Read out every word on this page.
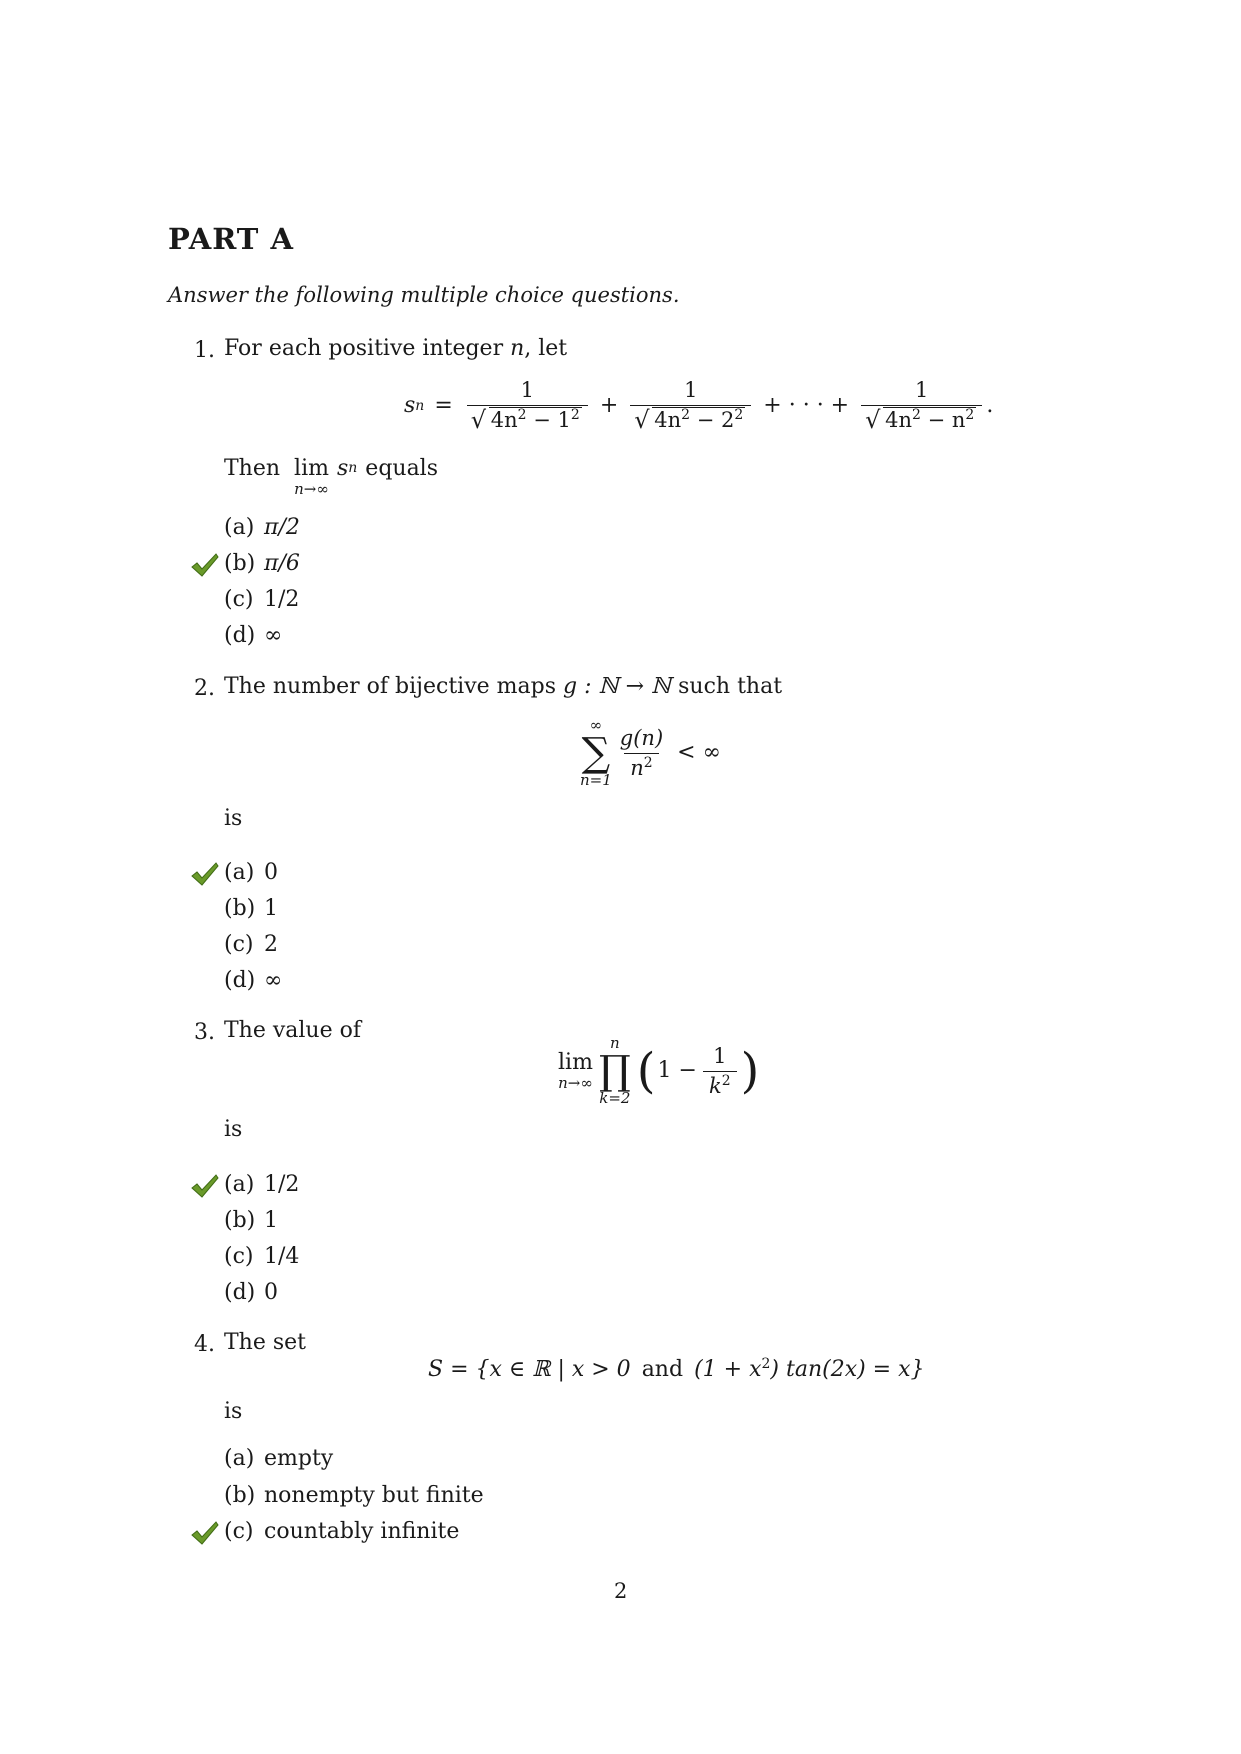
PART A
Answer the following multiple choice questions.
1. For each positive integer n, let
s n = 1
√ $4n^2 - 1^2 + 1$
√ $4n^2 - 2^2$ + · · · + 1
√ $4n^2 - n^2$ .
Then lim
n→∞
s n equals
(a) π/2
(b) π/6
(c) 1/2
(d) ∞
2. The number of bijective maps g : ℕ → ℕ such that
∞
∑
n=1
$\frac{g(n)}{n^2}$ < ∞
is
(a) 0
(b) 1
(c) 2
(d) ∞
3. The value of
lim
n→∞
n
∏
k=2 ( $1 - \frac{1}{k^2}$ )
is
(a) 1/2
(b) 1
(c) 1/4
(d) 0
4. The set
S = {x ∈ ℝ | x > 0 and $(1 + x^2)$ tan(2x) = x}
is
(a) empty
(b) nonempty but finite
(c) countably infinite
2
